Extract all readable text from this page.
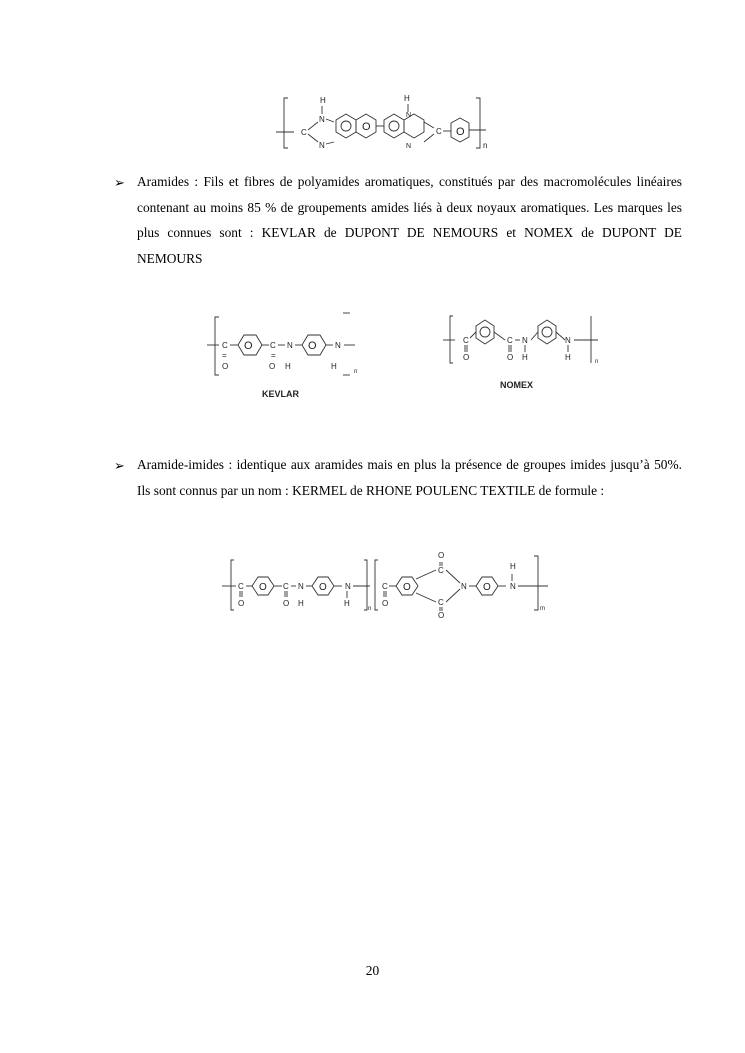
C
N
H
N
O
H
N
N
C O
n
➢ Aramides : Fils et fibres de polyamides aromatiques, constitués par des macromolécules linéaires contenant au moins 85 % de groupements amides liés à deux noyaux aromatiques. Les marques les plus connues sont : KEVLAR de DUPONT DE NEMOURS et NOMEX de DUPONT DE NEMOURS
C
=
O
O C
=
O
N
H
O N
H
n
KEVLAR
C
O
C
O
N
H
N
H	n
NOMEX
➢ Aramide-imides : identique aux aramides mais en plus la présence de groupes imides jusqu’à 50%. Ils sont connus par un nom : KERMEL de RHONE POULENC TEXTILE de formule :
C
O
O C
O
N
H
O N
H
n
C
O
O
C
O
C
O
N O N
H
m
20
